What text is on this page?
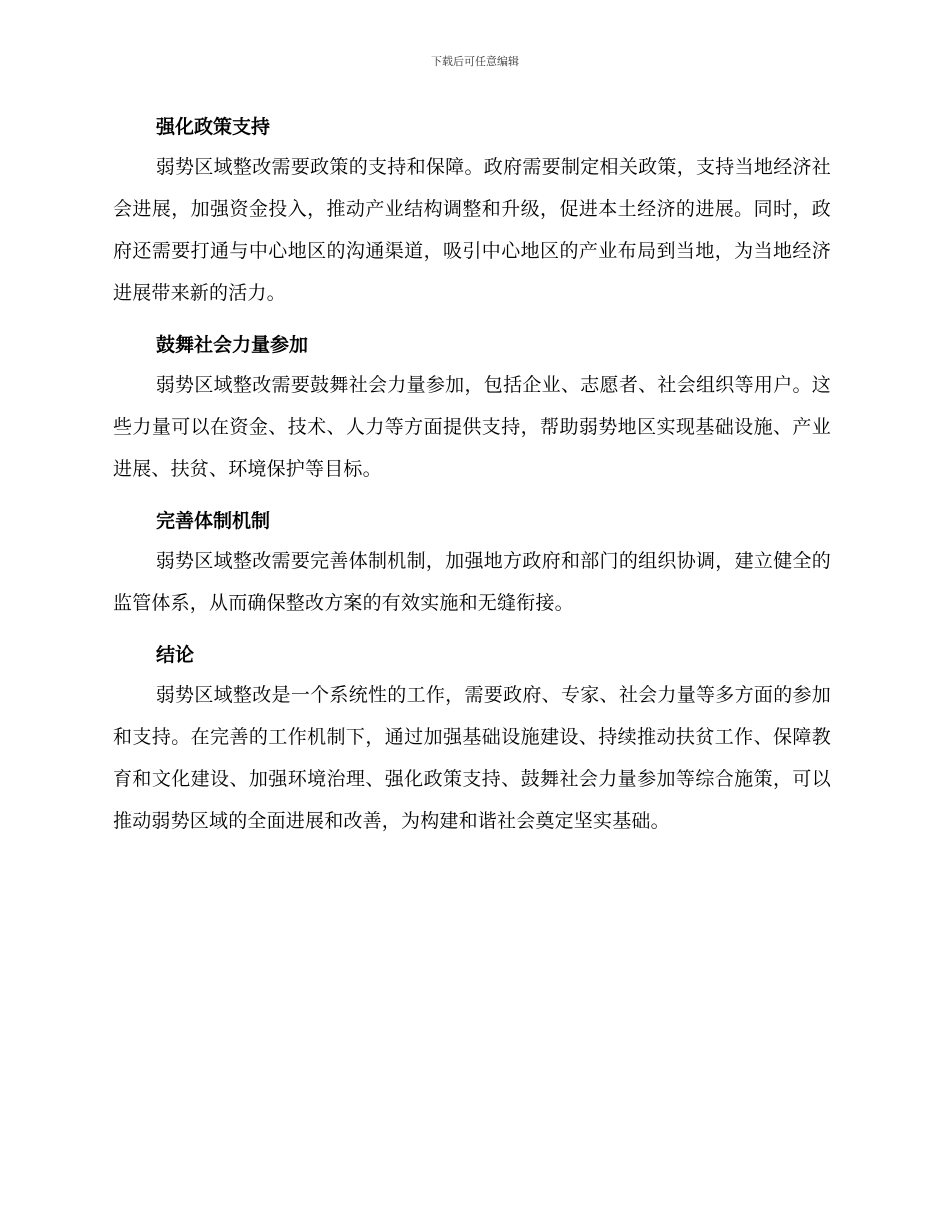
下载后可任意编辑
强化政策支持

弱势区域整改需要政策的支持和保障。政府需要制定相关政策，支持当地经济社会进展，加强资金投入，推动产业结构调整和升级，促进本土经济的进展。同时，政府还需要打通与中心地区的沟通渠道，吸引中心地区的产业布局到当地，为当地经济进展带来新的活力。

鼓舞社会力量参加

弱势区域整改需要鼓舞社会力量参加，包括企业、志愿者、社会组织等用户。这些力量可以在资金、技术、人力等方面提供支持，帮助弱势地区实现基础设施、产业进展、扶贫、环境保护等目标。

完善体制机制

弱势区域整改需要完善体制机制，加强地方政府和部门的组织协调，建立健全的监管体系，从而确保整改方案的有效实施和无缝衔接。

结论

弱势区域整改是一个系统性的工作，需要政府、专家、社会力量等多方面的参加和支持。在完善的工作机制下，通过加强基础设施建设、持续推动扶贫工作、保障教育和文化建设、加强环境治理、强化政策支持、鼓舞社会力量参加等综合施策，可以推动弱势区域的全面进展和改善，为构建和谐社会奠定坚实基础。
